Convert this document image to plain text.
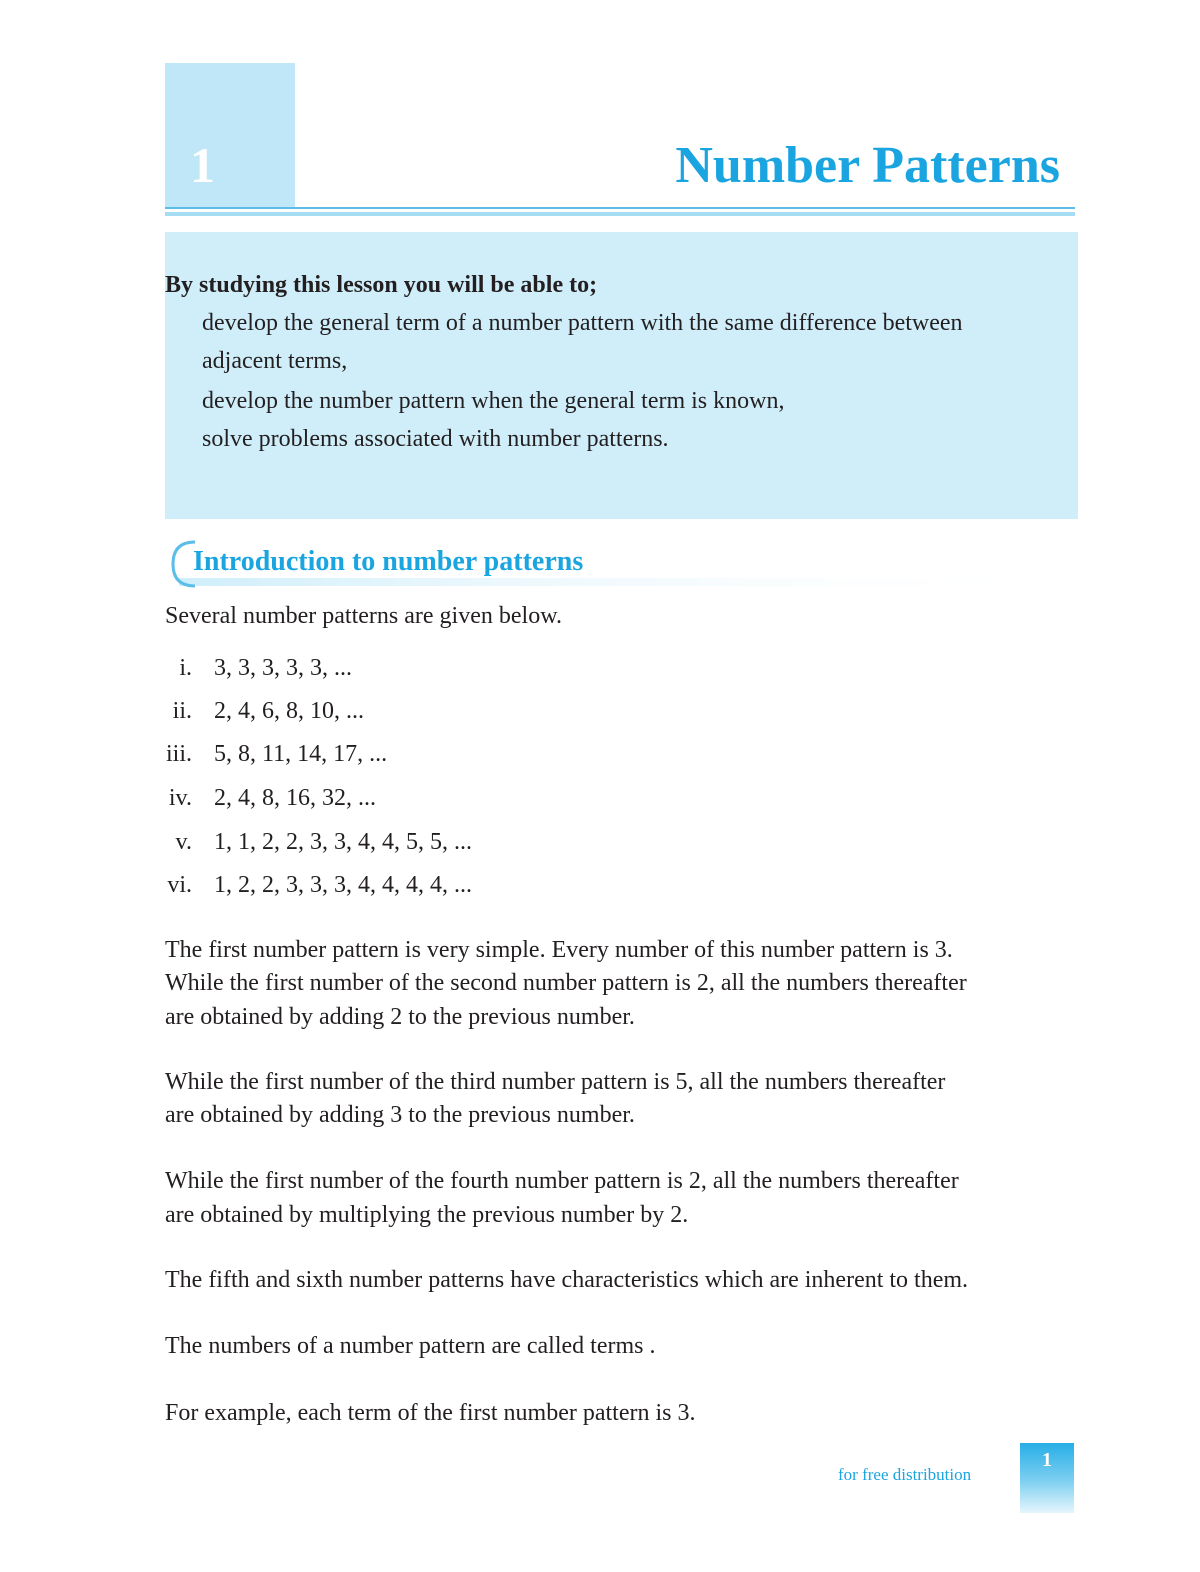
1	Number Patterns
By studying this lesson you will be able to;
develop the general term of a number pattern with the same difference between
adjacent terms,
develop the number pattern when the general term is known,
solve problems associated with number patterns.
Introduction to number patterns
Several number patterns are given below.
i. 3, 3, 3, 3, 3, ...
ii. 2, 4, 6, 8, 10, ...
iii. 5, 8, 11, 14, 17, ...
iv. 2, 4, 8, 16, 32, ...
v. 1, 1, 2, 2, 3, 3, 4, 4, 5, 5, ...
vi. 1, 2, 2, 3, 3, 3, 4, 4, 4, 4, ...
The first number pattern is very simple. Every number of this number pattern is 3.
While the first number of the second number pattern is 2, all the numbers thereafter
are obtained by adding 2 to the previous number.
While the first number of the third number pattern is 5, all the numbers thereafter
are obtained by adding 3 to the previous number.
While the first number of the fourth number pattern is 2, all the numbers thereafter
are obtained by multiplying the previous number by 2.
The fifth and sixth number patterns have characteristics which are inherent to them.
The numbers of a number pattern are called terms .
For example, each term of the first number pattern is 3.
for free distribution
1
